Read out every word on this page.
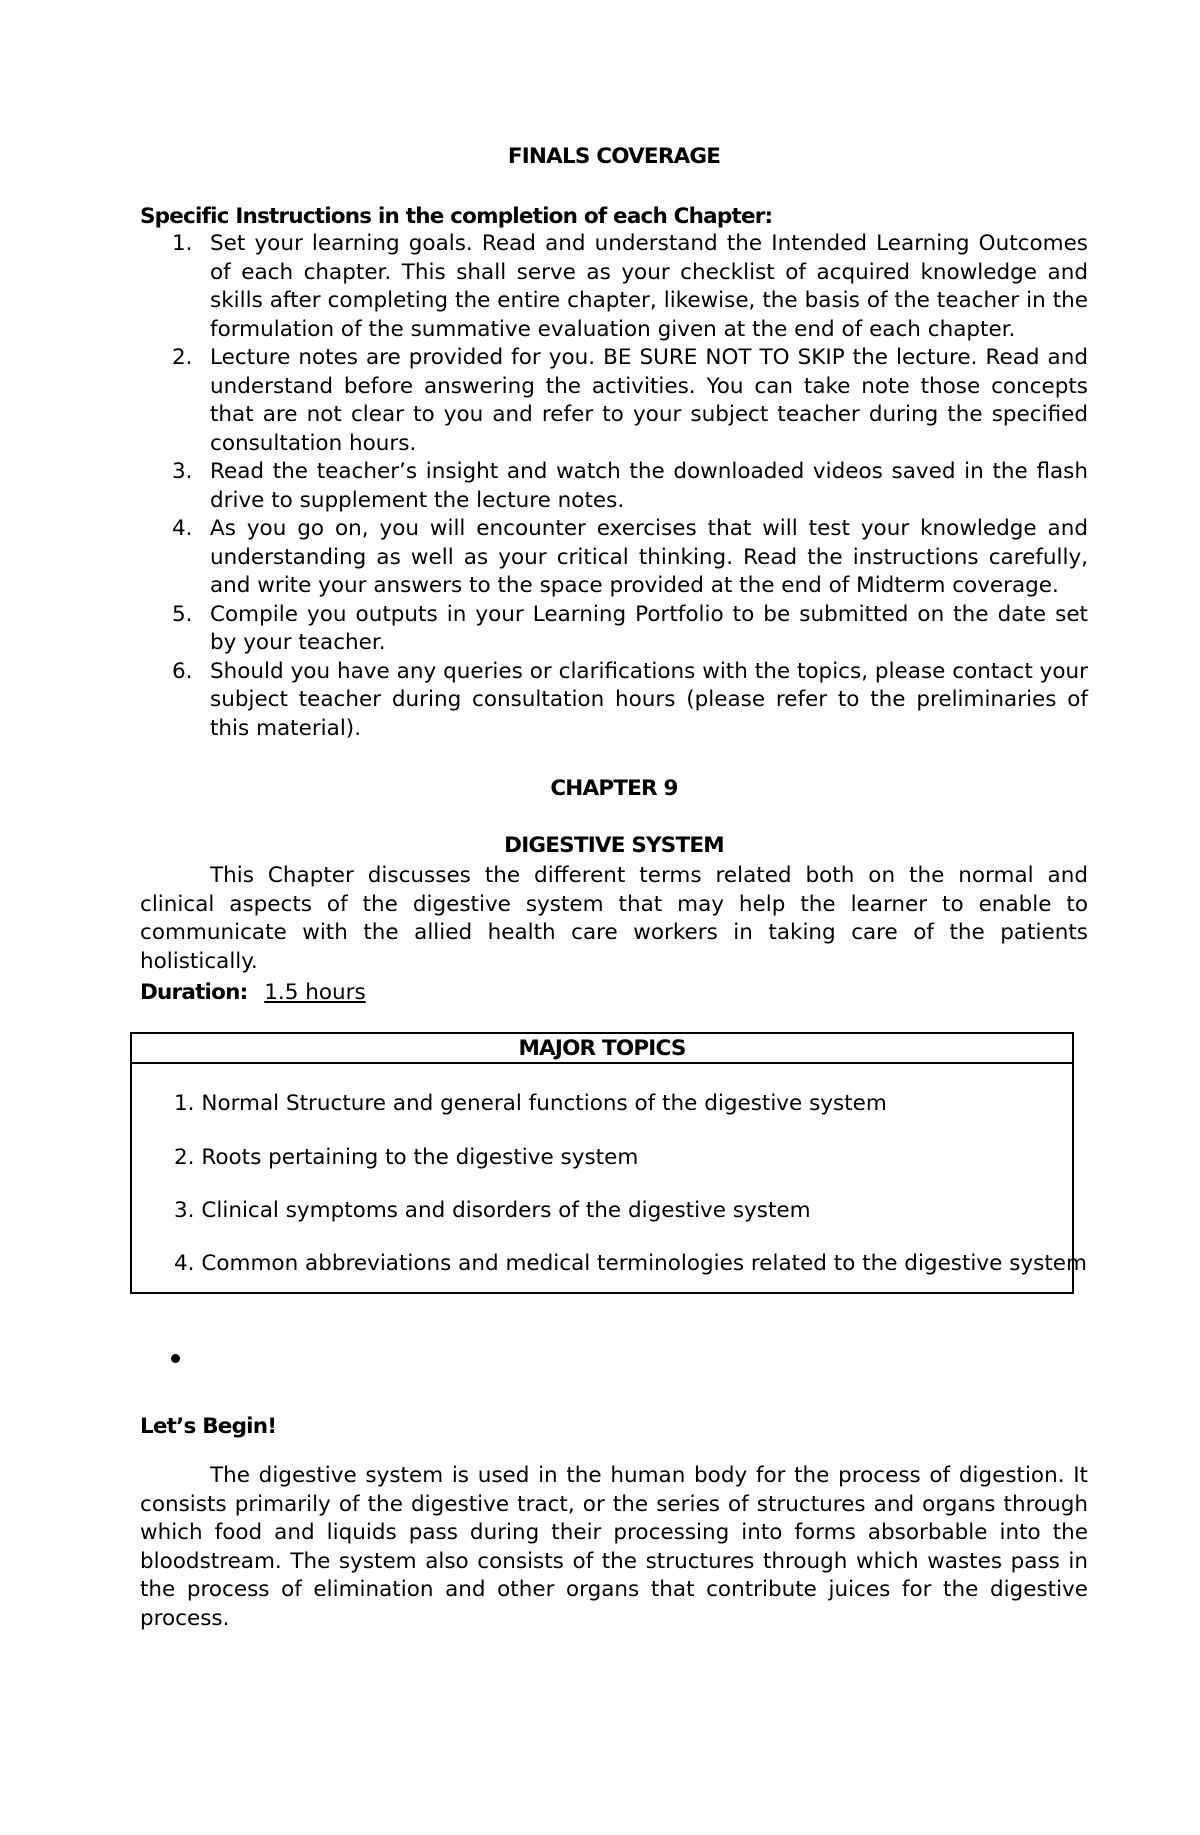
FINALS COVERAGE
Specific Instructions in the completion of each Chapter:
1. Set your learning goals. Read and understand the Intended Learning Outcomes of each chapter. This shall serve as your checklist of acquired knowledge and skills after completing the entire chapter, likewise, the basis of the teacher in the formulation of the summative evaluation given at the end of each chapter.
2. Lecture notes are provided for you. BE SURE NOT TO SKIP the lecture. Read and understand before answering the activities. You can take note those concepts that are not clear to you and refer to your subject teacher during the specified consultation hours.
3. Read the teacher’s insight and watch the downloaded videos saved in the flash drive to supplement the lecture notes.
4. As you go on, you will encounter exercises that will test your knowledge and understanding as well as your critical thinking. Read the instructions carefully, and write your answers to the space provided at the end of Midterm coverage.
5. Compile you outputs in your Learning Portfolio to be submitted on the date set by your teacher.
6. Should you have any queries or clarifications with the topics, please contact your subject teacher during consultation hours (please refer to the preliminaries of this material).
CHAPTER 9
DIGESTIVE SYSTEM

This Chapter discusses the different terms related both on the normal and clinical aspects of the digestive system that may help the learner to enable to communicate with the allied health care workers in taking care of the patients holistically.

Duration: 1.5 hours
MAJOR TOPICS
1. Normal Structure and general functions of the digestive system
2. Roots pertaining to the digestive system
3. Clinical symptoms and disorders of the digestive system
4. Common abbreviations and medical terminologies related to the digestive system
Let’s Begin!

The digestive system is used in the human body for the process of digestion. It consists primarily of the digestive tract, or the series of structures and organs through which food and liquids pass during their processing into forms absorbable into the bloodstream. The system also consists of the structures through which wastes pass in the process of elimination and other organs that contribute juices for the digestive process.
